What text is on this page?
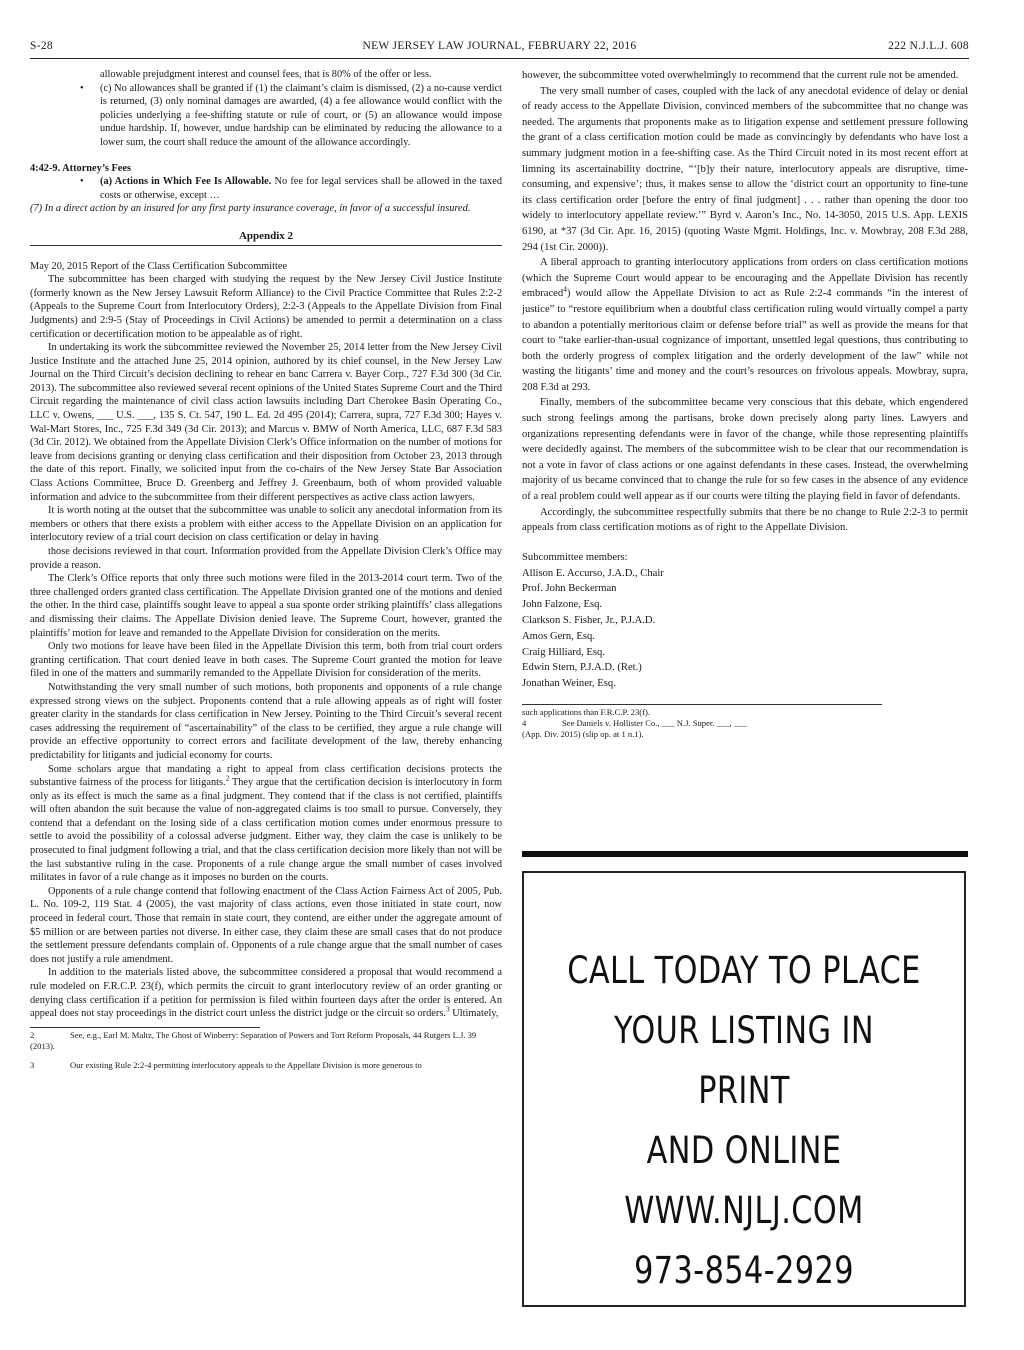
S-28	NEW JERSEY LAW JOURNAL, FEBRUARY 22, 2016	222 N.J.L.J. 608
allowable prejudgment interest and counsel fees, that is 80% of the offer or less.
• (c) No allowances shall be granted if (1) the claimant’s claim is dismissed, (2) a no-cause verdict is returned, (3) only nominal damages are awarded, (4) a fee allowance would conflict with the policies underlying a fee-shifting statute or rule of court, or (5) an allowance would impose undue hardship. If, however, undue hardship can be eliminated by reducing the allowance to a lower sum, the court shall reduce the amount of the allowance accordingly.
4:42-9. Attorney’s Fees
• (a) Actions in Which Fee Is Allowable. No fee for legal services shall be allowed in the taxed costs or otherwise, except …
(7) In a direct action by an insured for any first party insurance coverage, in favor of a successful insured.
Appendix 2

May 20, 2015 Report of the Class Certification Subcommittee

The subcommittee has been charged with studying the request by the New Jersey Civil Justice Institute (formerly known as the New Jersey Lawsuit Reform Alliance) to the Civil Practice Committee that Rules 2:2-2 (Appeals to the Supreme Court from Interlocutory Orders), 2:2-3 (Appeals to the Appellate Division from Final Judgments) and 2:9-5 (Stay of Proceedings in Civil Actions) be amended to permit a determination on a class certification or decertification motion to be appealable as of right.

In undertaking its work the subcommittee reviewed the November 25, 2014 letter from the New Jersey Civil Justice Institute and the attached June 25, 2014 opinion, authored by its chief counsel, in the New Jersey Law Journal on the Third Circuit’s decision declining to rehear en banc Carrera v. Bayer Corp., 727 F.3d 300 (3d Cir. 2013). The subcommittee also reviewed several recent opinions of the United States Supreme Court and the Third Circuit regarding the maintenance of civil class action lawsuits including Dart Cherokee Basin Operating Co., LLC v. Owens, ___ U.S. ___, 135 S. Ct. 547, 190 L. Ed. 2d 495 (2014); Carrera, supra, 727 F.3d 300; Hayes v. Wal-Mart Stores, Inc., 725 F.3d 349 (3d Cir. 2013); and Marcus v. BMW of North America, LLC, 687 F.3d 583 (3d Cir. 2012). We obtained from the Appellate Division Clerk’s Office information on the number of motions for leave from decisions granting or denying class certification and their disposition from October 23, 2013 through the date of this report. Finally, we solicited input from the co-chairs of the New Jersey State Bar Association Class Actions Committee, Bruce D. Greenberg and Jeffrey J. Greenbaum, both of whom provided valuable information and advice to the subcommittee from their different perspectives as active class action lawyers.

It is worth noting at the outset that the subcommittee was unable to solicit any anecdotal information from its members or others that there exists a problem with either access to the Appellate Division on an application for interlocutory review of a trial court decision on class certification or delay in having

those decisions reviewed in that court. Information provided from the Appellate Division Clerk’s Office may provide a reason.

The Clerk’s Office reports that only three such motions were filed in the 2013-2014 court term. Two of the three challenged orders granted class certification. The Appellate Division granted one of the motions and denied the other. In the third case, plaintiffs sought leave to appeal a sua sponte order striking plaintiffs’ class allegations and dismissing their claims. The Appellate Division denied leave. The Supreme Court, however, granted the plaintiffs’ motion for leave and remanded to the Appellate Division for consideration on the merits.

Only two motions for leave have been filed in the Appellate Division this term, both from trial court orders granting certification. That court denied leave in both cases. The Supreme Court granted the motion for leave filed in one of the matters and summarily remanded to the Appellate Division for consideration of the merits.

Notwithstanding the very small number of such motions, both proponents and opponents of a rule change expressed strong views on the subject. Proponents contend that a rule allowing appeals as of right will foster greater clarity in the standards for class certification in New Jersey. Pointing to the Third Circuit’s several recent cases addressing the requirement of “ascertainability” of the class to be certified, they argue a rule change will provide an effective opportunity to correct errors and facilitate development of the law, thereby enhancing predictability for litigants and judicial economy for courts.

Some scholars argue that mandating a right to appeal from class certification decisions protects the substantive fairness of the process for litigants.$^2$ They argue that the certification decision is interlocutory in form only as its effect is much the same as a final judgment. They contend that if the class is not certified, plaintiffs will often abandon the suit because the value of non-aggregated claims is too small to pursue. Conversely, they contend that a defendant on the losing side of a class certification motion comes under enormous pressure to settle to avoid the possibility of a colossal adverse judgment. Either way, they claim the case is unlikely to be prosecuted to final judgment following a trial, and that the class certification decision more likely than not will be the last substantive ruling in the case. Proponents of a rule change argue the small number of cases involved militates in favor of a rule change as it imposes no burden on the courts.

Opponents of a rule change contend that following enactment of the Class Action Fairness Act of 2005, Pub. L. No. 109-2, 119 Stat. 4 (2005), the vast majority of class actions, even those initiated in state court, now proceed in federal court. Those that remain in state court, they contend, are either under the aggregate amount of $5 million or are between parties not diverse. In either case, they claim these are small cases that do not produce the settlement pressure defendants complain of. Opponents of a rule change argue that the small number of cases does not justify a rule amendment.

In addition to the materials listed above, the subcommittee considered a proposal that would recommend a rule modeled on F.R.C.P. 23(f), which permits the circuit to grant interlocutory review of an order granting or denying class certification if a petition for permission is filed within fourteen days after the order is entered. An appeal does not stay proceedings in the district court unless the district judge or the circuit so orders.$^3$ Ultimately,

2	See, e.g., Earl M. Maltz, The Ghost of Winberry: Separation of Powers and Tort Reform Proposals, 44 Rutgers L.J. 39 (2013).
3	Our existing Rule 2:2-4 permitting interlocutory appeals to the Appellate Division is more generous to

however, the subcommittee voted overwhelmingly to recommend that the current rule not be amended.

The very small number of cases, coupled with the lack of any anecdotal evidence of delay or denial of ready access to the Appellate Division, convinced members of the subcommittee that no change was needed. The arguments that proponents make as to litigation expense and settlement pressure following the grant of a class certification motion could be made as convincingly by defendants who have lost a summary judgment motion in a fee-shifting case. As the Third Circuit noted in its most recent effort at limning its ascertainability doctrine, “‘[b]y their nature, interlocutory appeals are disruptive, time-consuming, and expensive’; thus, it makes sense to allow the ‘district court an opportunity to fine-tune its class certification order [before the entry of final judgment] . . . rather than opening the door too widely to interlocutory appellate review.’” Byrd v. Aaron’s Inc., No. 14-3050, 2015 U.S. App. LEXIS 6190, at *37 (3d Cir. Apr. 16, 2015) (quoting Waste Mgmt. Holdings, Inc. v. Mowbray, 208 F.3d 288, 294 (1st Cir. 2000)).

A liberal approach to granting interlocutory applications from orders on class certification motions (which the Supreme Court would appear to be encouraging and the Appellate Division has recently embraced$^4$) would allow the Appellate Division to act as Rule 2:2-4 commands “in the interest of justice” to “restore equilibrium when a doubtful class certification ruling would virtually compel a party to abandon a potentially meritorious claim or defense before trial” as well as provide the means for that court to “take earlier-than-usual cognizance of important, unsettled legal questions, thus contributing to both the orderly progress of complex litigation and the orderly development of the law” while not wasting the litigants’ time and money and the court’s resources on frivolous appeals. Mowbray, supra, 208 F.3d at 293.

Finally, members of the subcommittee became very conscious that this debate, which engendered such strong feelings among the partisans, broke down precisely along party lines. Lawyers and organizations representing defendants were in favor of the change, while those representing plaintiffs were decidedly against. The members of the subcommittee wish to be clear that our recommendation is not a vote in favor of class actions or one against defendants in these cases. Instead, the overwhelming majority of us became convinced that to change the rule for so few cases in the absence of any evidence of a real problem could well appear as if our courts were tilting the playing field in favor of defendants.

Accordingly, the subcommittee respectfully submits that there be no change to Rule 2:2-3 to permit appeals from class certification motions as of right to the Appellate Division.

Subcommittee members:
Allison E. Accurso, J.A.D., Chair
Prof. John Beckerman
John Falzone, Esq.
Clarkson S. Fisher, Jr., P.J.A.D.
Amos Gern, Esq.
Craig Hilliard, Esq.
Edwin Stern, P.J.A.D. (Ret.)
Jonathan Weiner, Esq.
such applications than F.R.C.P. 23(f).
4	See Daniels v. Hollister Co., ___ N.J. Super. ___, ___
(App. Div. 2015) (slip op. at 1 n.1).
CALL TODAY TO PLACE
YOUR LISTING IN PRINT
AND ONLINE
WWW.NJLJ.COM
973-854-2929
